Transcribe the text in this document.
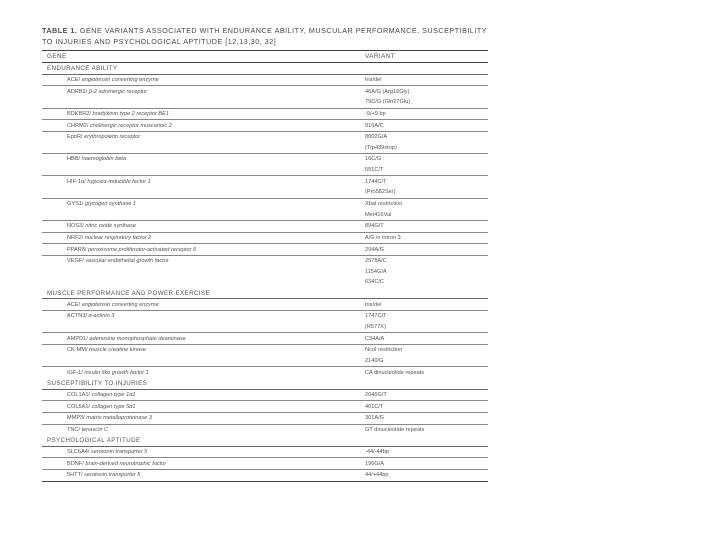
TABLE 1. GENE VARIANTS ASSOCIATED WITH ENDURANCE ABILITY, MUSCULAR PERFORMANCE, SUSCEPTIBILITY TO INJURIES AND PSYCHOLOGICAL APTITUDE [12,13,30, 32]
GENE	VARIANT
ENDURANCE ABILITY	
ACE/ angiotensin converting enzyme	Ins/del
ADRB2/ β-2 adrenergic receptor	46A/G (Arg16Gly)
	79C/G (Gln27Glu)
BDKBR2/ bradykinin type 2 receptor BE1	-9/+9 bp
CHRM2/ cholinergic receptor muscarinic 2	916A/C
EpoR/ erythropoietin receptor	8002G/A
	(Trp439stop)
HBB/ haemoglobin beta	16C/G
	551C/T
HIF-1α/ hypoxia-inducible factor 1	1744C/T
	(Pro582Ser)
GYS1/ glycogen synthase 1	XbaI restriction
	Met416Val
NOS3/ nitric oxide synthase	894G/T
NRF2/ nuclear respiratory factor 2	A/G in intron 3
PPARδ/ peroxisome proliferator-activated receptor δ	294A/G
VEGF/ vascular endothelial growth factor	2578A/C
	1154G/A
	634C/C
MUSCLE PERFORMANCE AND POWER EXERCISE	
ACE/ angiotensin converting enzyme	Ins/del
ACTN3/ α-actinin 3	1747C/T
	(R577X)
AMPD1/ adenosine monophosphate deaminase	C34A/A
CK-MM/ muscle creatine kinase	NcoI restriction
	2140/G
IGF-1/ insulin like growth factor 1	CA dinucleotide repeats
SUSCEPTIBILITY TO INJURIES	
COL1A1/ collagen type 1α1	2046G/T
COL5A1/ collagen type 5α1	401C/T
MMP3/ matrix metalloproteinase 3	301A/G
TNC/ tenascin C	GT dinucleotide repeats
PSYCHOLOGICAL APTITUDE	
SLC6A4/ serotonin transporter 5	-44/-44bp
BDNF/ brain-derived neurotrophic factor	196G/A
5HTT/ serotonin transporter 5	44/+44bp
